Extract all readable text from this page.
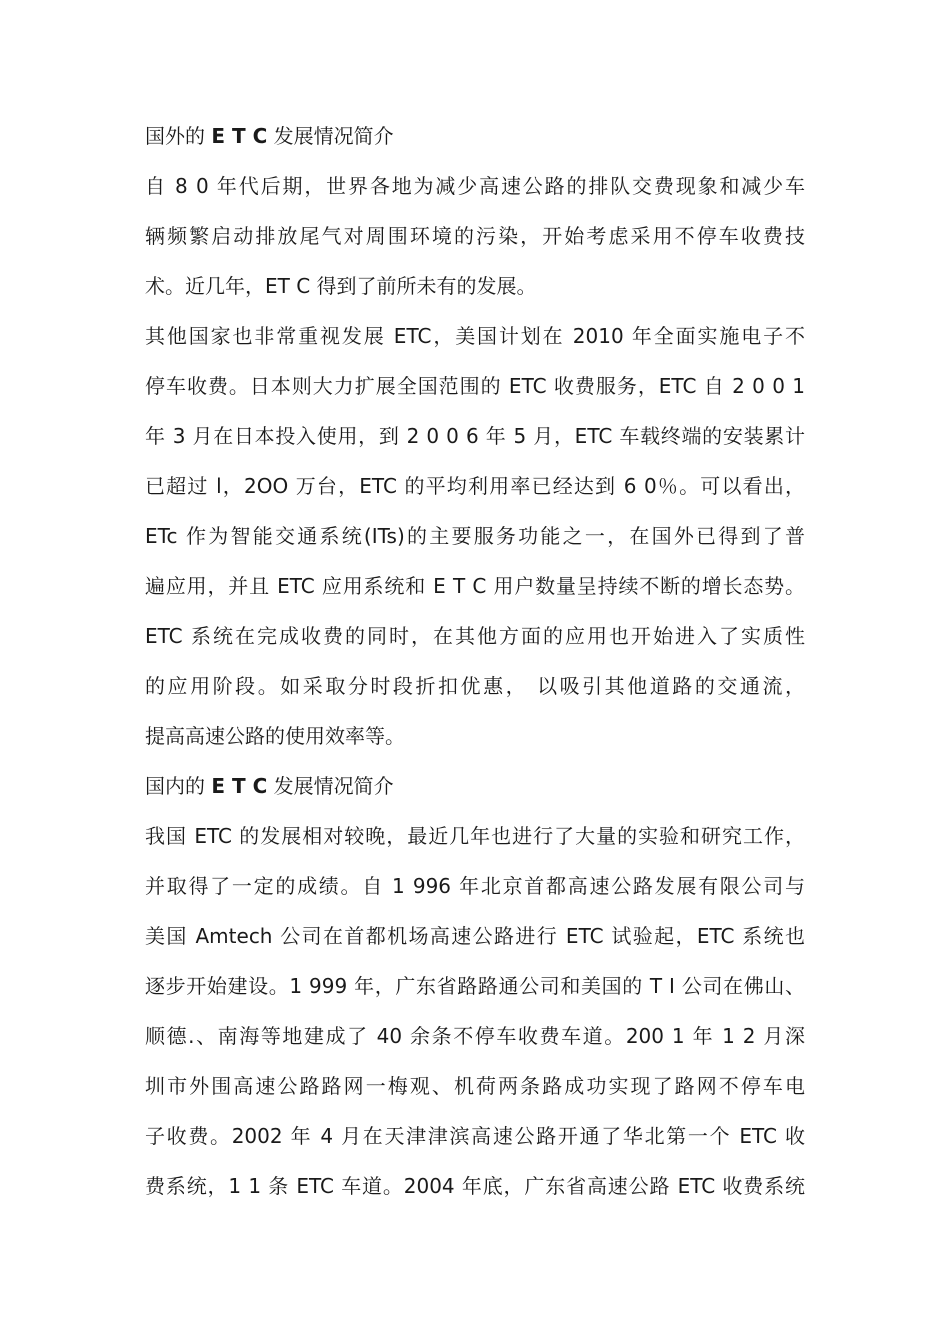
国外的 E T C 发展情况简介
自 8 0 年代后期，世界各地为减少高速公路的排队交费现象和减少车
辆频繁启动排放尾气对周围环境的污染，开始考虑采用不停车收费技
术。近几年，ET C 得到了前所未有的发展。
其他国家也非常重视发展 ETC，美国计划在 2010 年全面实施电子不
停车收费。日本则大力扩展全国范围的 ETC 收费服务，ETC 自 2 0 0 1
年 3 月在日本投入使用，到 2 0 0 6 年 5 月，ETC 车载终端的安装累计
已超过 l，2OO 万台，ETC 的平均利用率已经达到 6 0％。可以看出，
ETc 作为智能交通系统(ITs)的主要服务功能之一，在国外已得到了普
遍应用，并且 ETC 应用系统和 E T C 用户数量呈持续不断的增长态势。
ETC 系统在完成收费的同时，在其他方面的应用也开始进入了实质性
的应用阶段。如采取分时段折扣优惠， 以吸引其他道路的交通流，
提高高速公路的使用效率等。
国内的 E T C 发展情况简介
我国 ETC 的发展相对较晚，最近几年也进行了大量的实验和研究工作，
并取得了一定的成绩。自 1 996 年北京首都高速公路发展有限公司与
美国 Amtech 公司在首都机场高速公路进行 ETC 试验起，ETC 系统也
逐步开始建设。1 999 年，广东省路路通公司和美国的 T I 公司在佛山、
顺德.、南海等地建成了 40 余条不停车收费车道。200 1 年 1 2 月深
圳市外围高速公路路网一梅观、机荷两条路成功实现了路网不停车电
子收费。2002 年 4 月在天津津滨高速公路开通了华北第一个 ETC 收
费系统，1 1 条 ETC 车道。2004 年底，广东省高速公路 ETC 收费系统
